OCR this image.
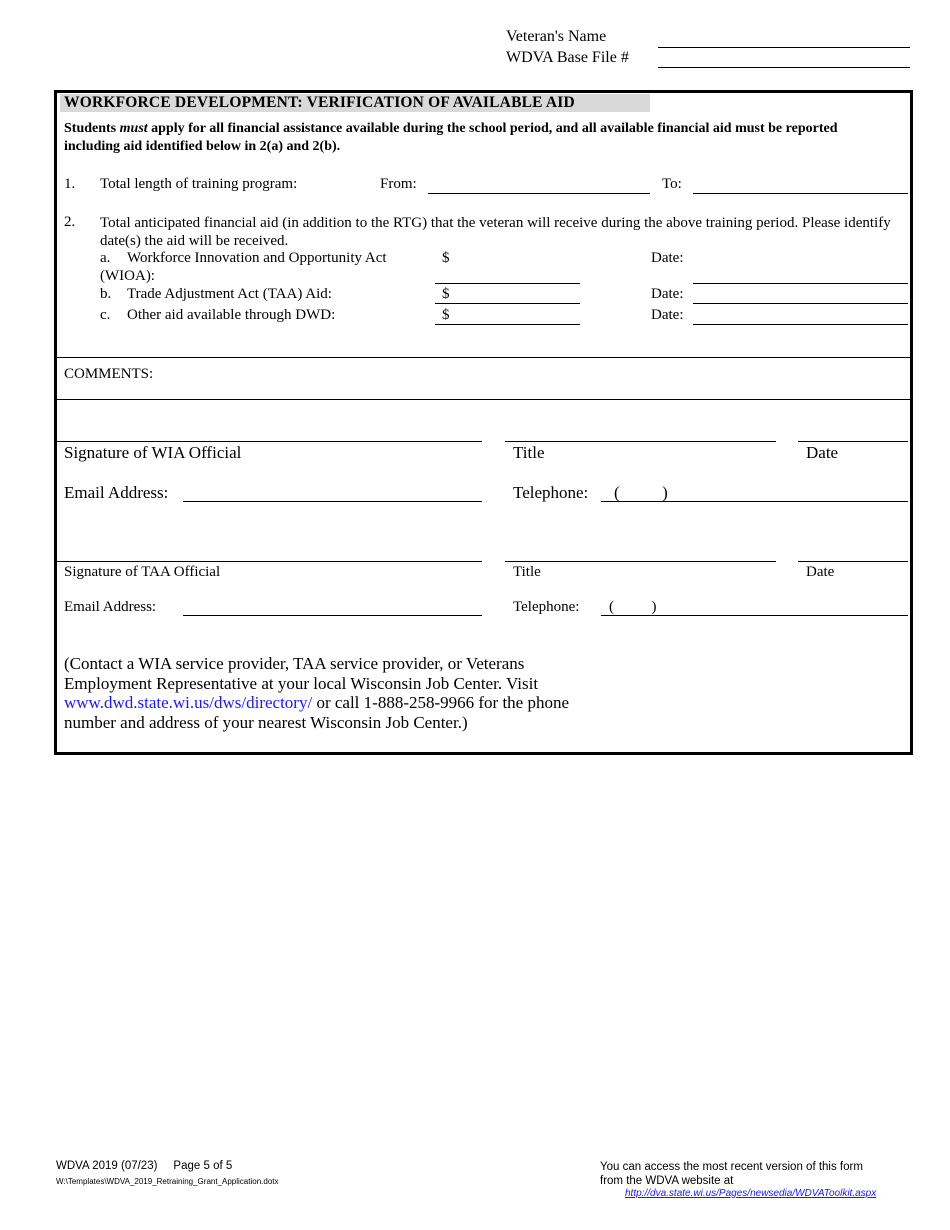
Veteran's Name
WDVA Base File #
WORKFORCE DEVELOPMENT: VERIFICATION OF AVAILABLE AID
Students must apply for all financial assistance available during the school period, and all available financial aid must be reported including aid identified below in 2(a) and 2(b).
1. Total length of training program:	From:	To:
2. Total anticipated financial aid (in addition to the RTG) that the veteran will receive during the above training period. Please identify date(s) the aid will be received.
a. Workforce Innovation and Opportunity Act
(WIOA):
$	Date:
b. Trade Adjustment Act (TAA) Aid:	$	Date:
c. Other aid available through DWD:	$	Date:
COMMENTS:
Signature of WIA Official	Title	Date
Email Address:	Telephone: (          )
Signature of TAA Official	Title	Date
Email Address:	Telephone: (          )
(Contact a WIA service provider, TAA service provider, or Veterans
Employment Representative at your local Wisconsin Job Center. Visit
www.dwd.state.wi.us/dws/directory/ or call 1-888-258-9966 for the phone
number and address of your nearest Wisconsin Job Center.)
WDVA 2019 (07/23) Page 5 of 5
W:\Templates\WDVA_2019_Retraining_Grant_Application.dotx
You can access the most recent version of this form
from the WDVA website at
http://dva.state.wi.us/Pages/newsedia/WDVAToolkit.aspx
